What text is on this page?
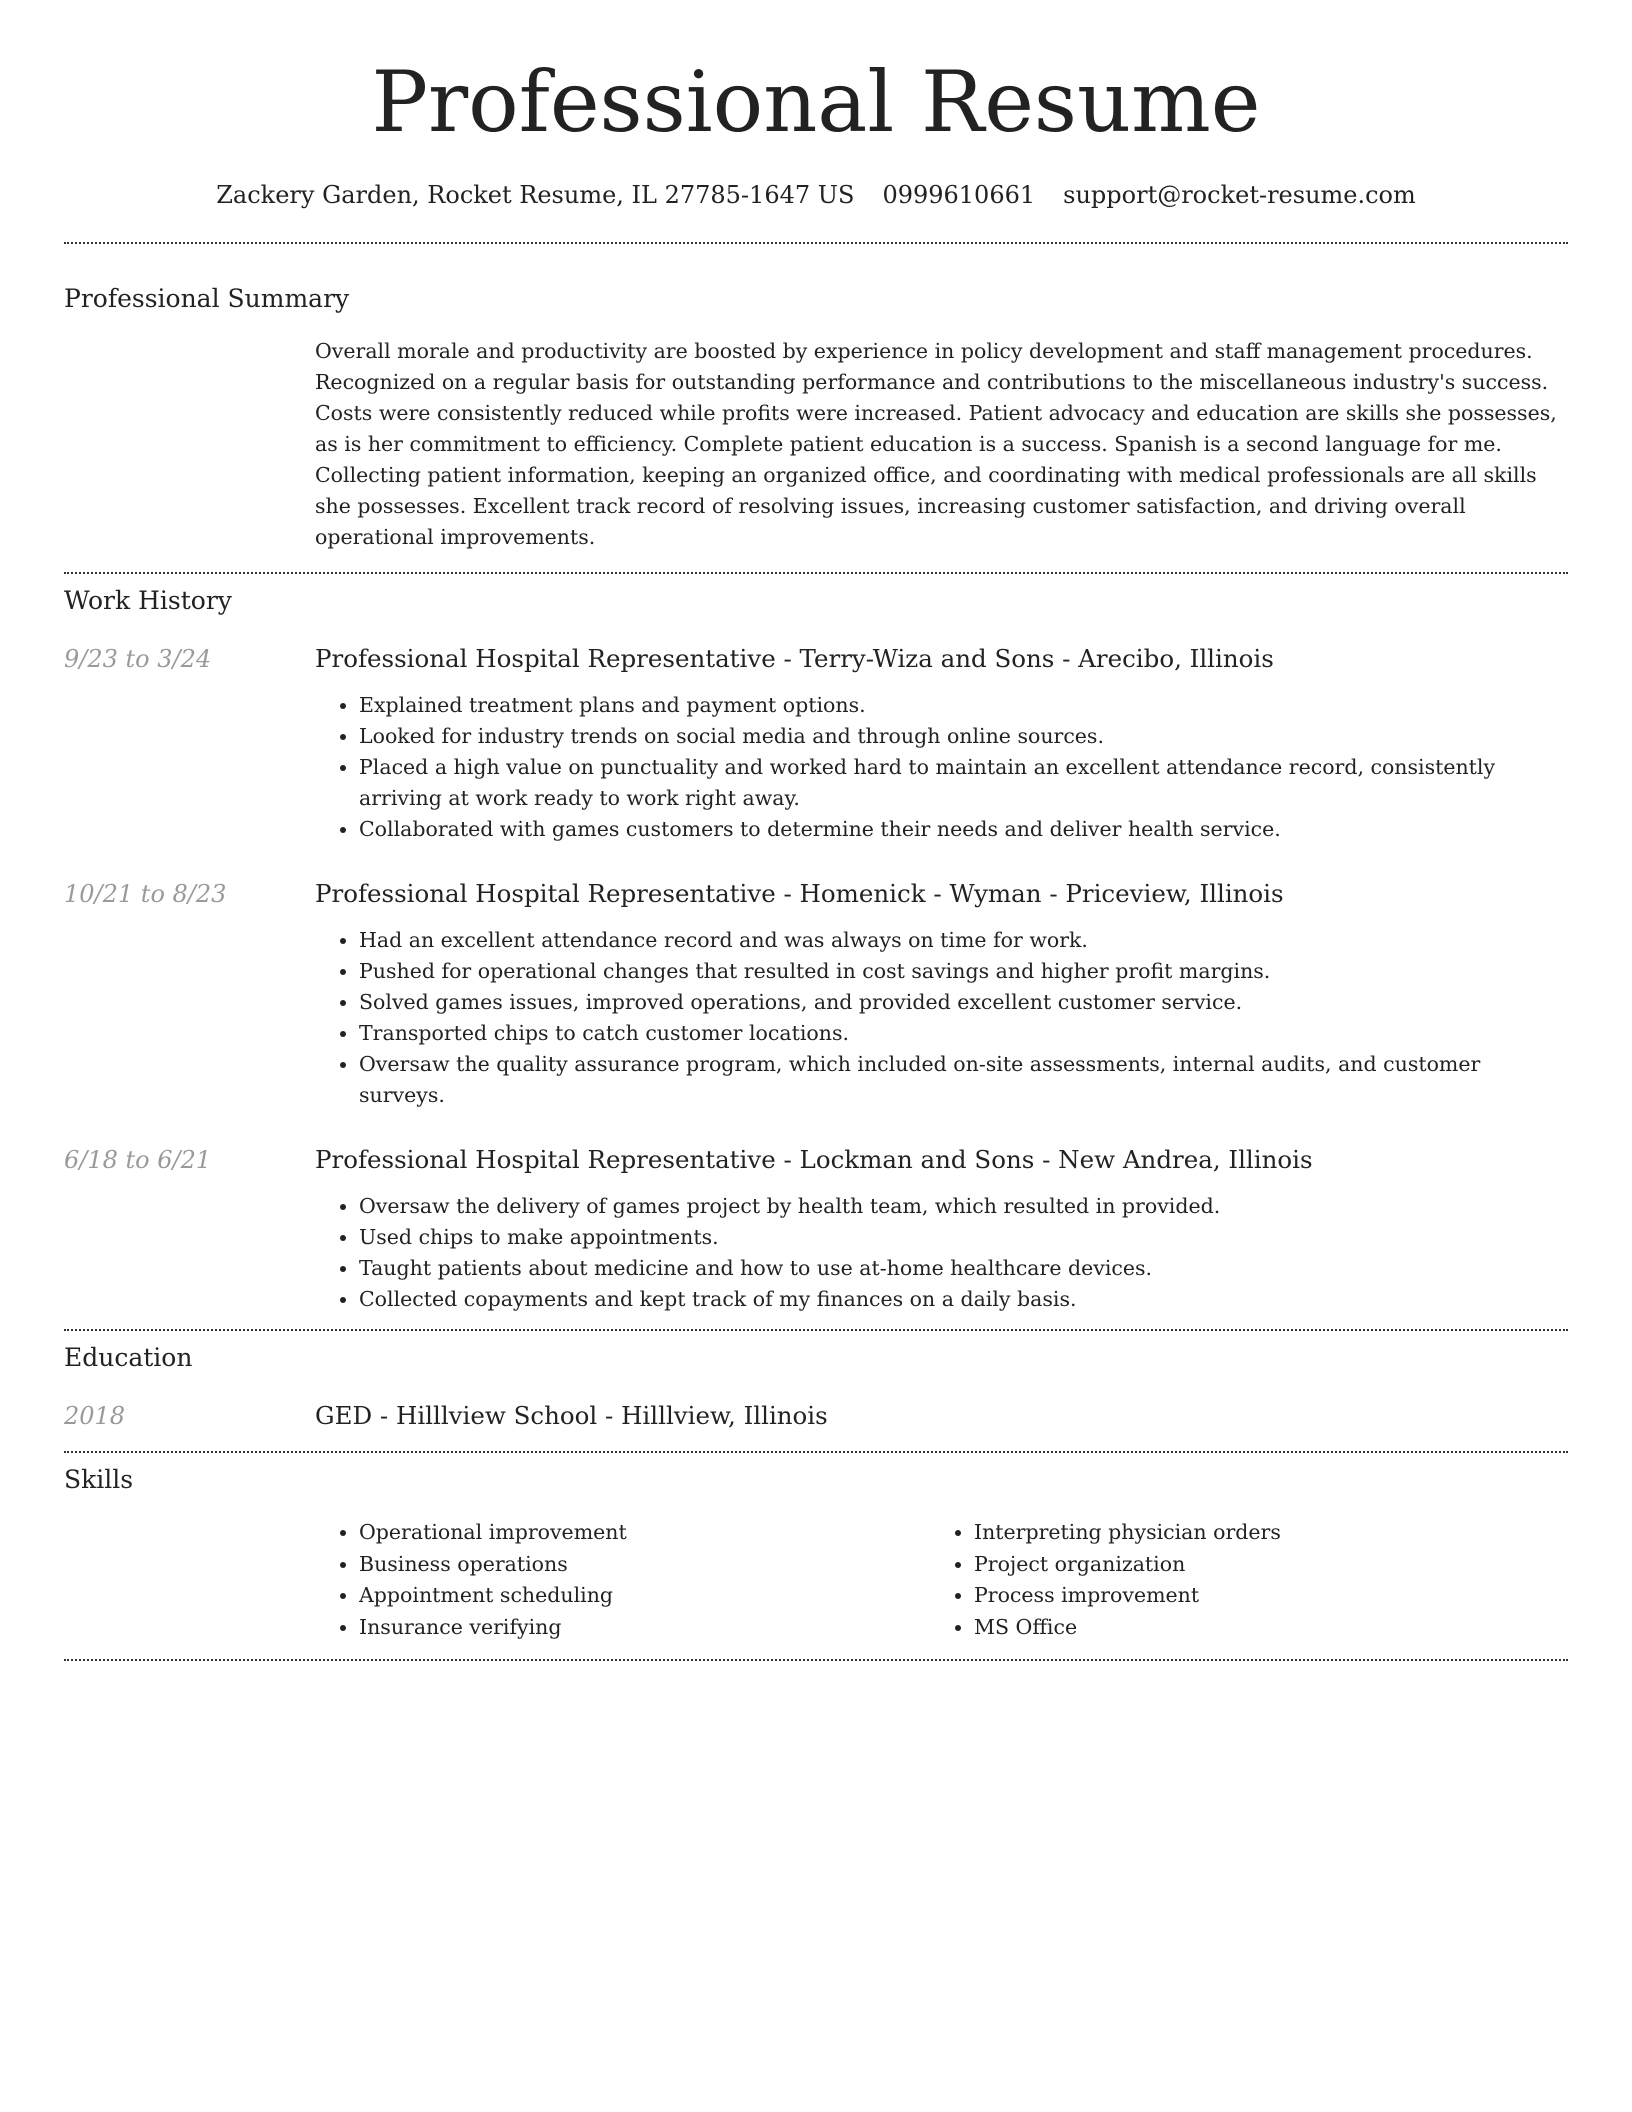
Professional Resume
Zackery Garden, Rocket Resume, IL 27785-1647 US 0999610661 support@rocket-resume.com
Professional Summary

Overall morale and productivity are boosted by experience in policy development and staff management procedures. Recognized on a regular basis for outstanding performance and contributions to the miscellaneous industry's success. Costs were consistently reduced while profits were increased. Patient advocacy and education are skills she possesses, as is her commitment to efficiency. Complete patient education is a success. Spanish is a second language for me. Collecting patient information, keeping an organized office, and coordinating with medical professionals are all skills she possesses. Excellent track record of resolving issues, increasing customer satisfaction, and driving overall operational improvements.

Work History
9/23 to 3/24	Professional Hospital Representative - Terry-Wiza and Sons - Arecibo, Illinois

• Explained treatment plans and payment options.
• Looked for industry trends on social media and through online sources.
• Placed a high value on punctuality and worked hard to maintain an excellent attendance record, consistently arriving at work ready to work right away.
• Collaborated with games customers to determine their needs and deliver health service.
10/21 to 8/23	Professional Hospital Representative - Homenick - Wyman - Priceview, Illinois

• Had an excellent attendance record and was always on time for work.
• Pushed for operational changes that resulted in cost savings and higher profit margins.
• Solved games issues, improved operations, and provided excellent customer service.
• Transported chips to catch customer locations.
• Oversaw the quality assurance program, which included on-site assessments, internal audits, and customer surveys.
6/18 to 6/21	Professional Hospital Representative - Lockman and Sons - New Andrea, Illinois

• Oversaw the delivery of games project by health team, which resulted in provided.
• Used chips to make appointments.
• Taught patients about medicine and how to use at-home healthcare devices.
• Collected copayments and kept track of my finances on a daily basis.
Education
2018	GED - Hilllview School - Hilllview, Illinois

Skills
• Operational improvement
• Business operations
• Appointment scheduling
• Insurance verifying
• Interpreting physician orders
• Project organization
• Process improvement
• MS Office
